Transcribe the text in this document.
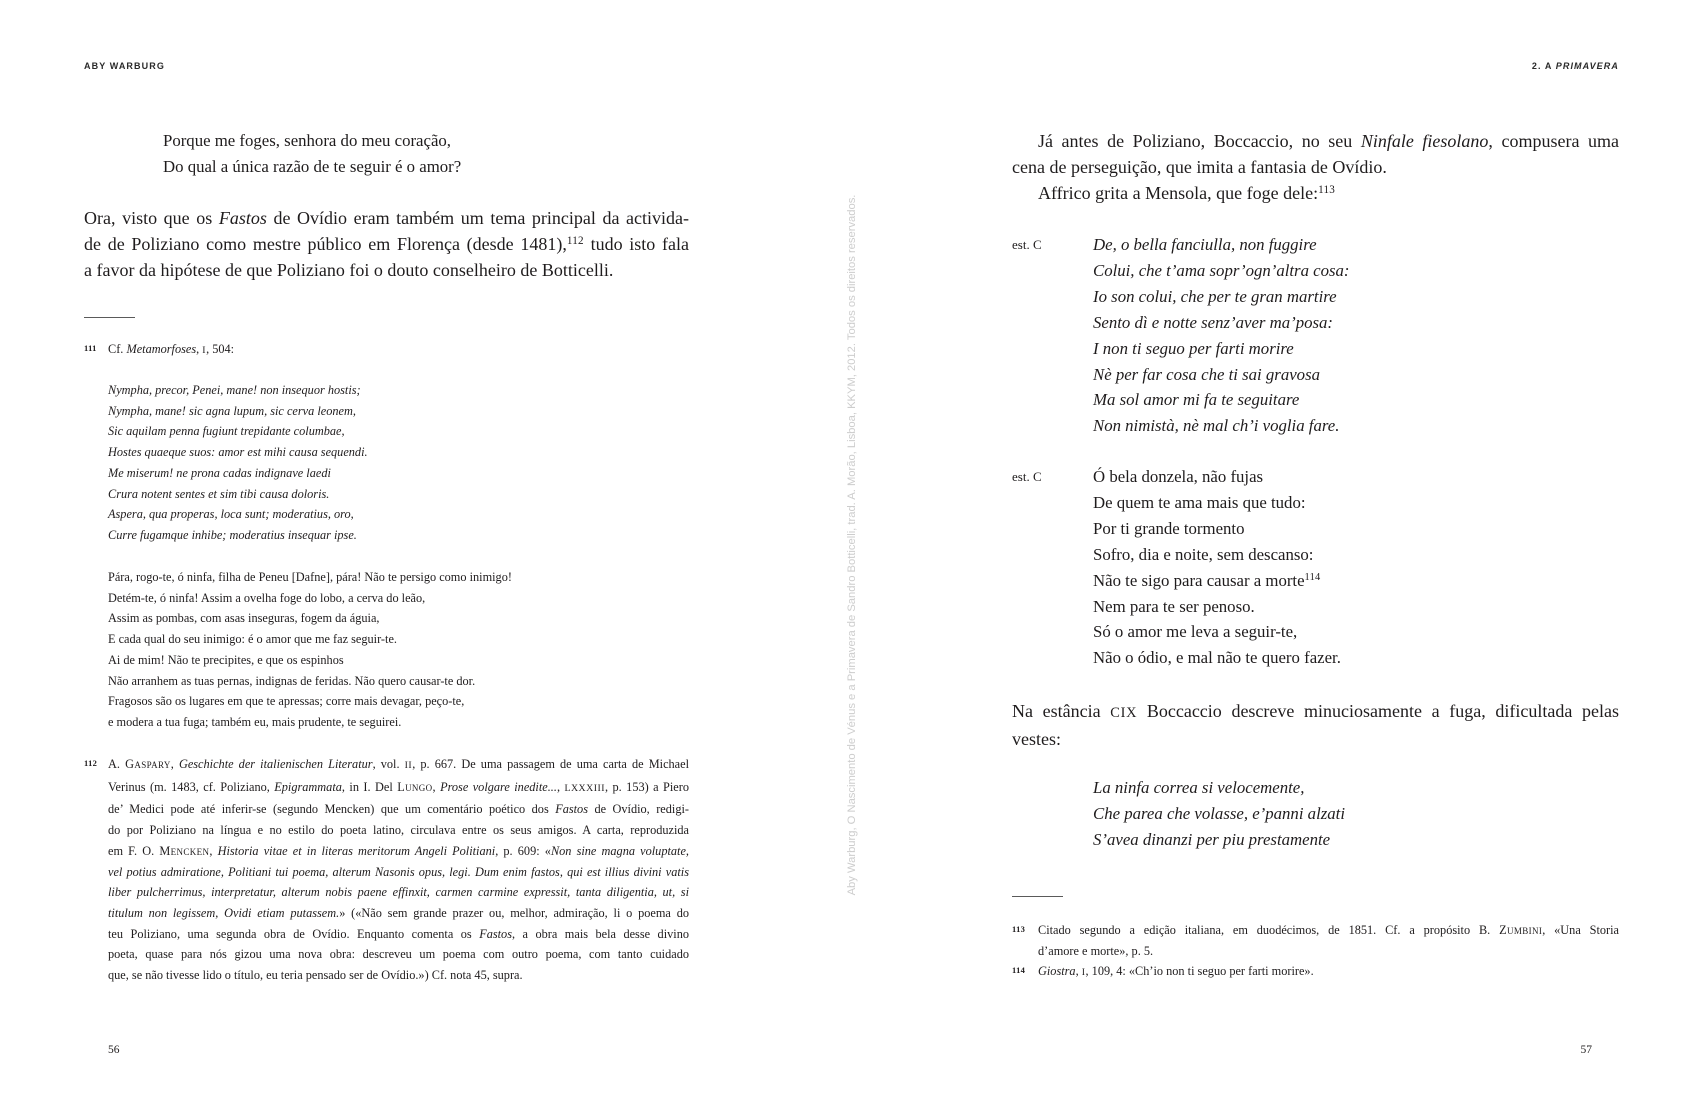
ABY WARBURG
Porque me foges, senhora do meu coração,
Do qual a única razão de te seguir é o amor?
Ora, visto que os Fastos de Ovídio eram também um tema principal da activida-
de de Poliziano como mestre público em Florença (desde 1481),$^{112}$ tudo isto fala
a favor da hipótese de que Poliziano foi o douto conselheiro de Botticelli.
111 Cf. Metamorfoses, I, 504:
Nympha, precor, Penei, mane! non insequor hostis;
Nympha, mane! sic agna lupum, sic cerva leonem,
Sic aquilam penna fugiunt trepidante columbae,
Hostes quaeque suos: amor est mihi causa sequendi.
Me miserum! ne prona cadas indignave laedi
Crura notent sentes et sim tibi causa doloris.
Aspera, qua properas, loca sunt; moderatius, oro,
Curre fugamque inhibe; moderatius insequar ipse.
Pára, rogo-te, ó ninfa, filha de Peneu [Dafne], pára! Não te persigo como inimigo!
Detém-te, ó ninfa! Assim a ovelha foge do lobo, a cerva do leão,
Assim as pombas, com asas inseguras, fogem da águia,
E cada qual do seu inimigo: é o amor que me faz seguir-te.
Ai de mim! Não te precipites, e que os espinhos
Não arranhem as tuas pernas, indignas de feridas. Não quero causar-te dor.
Fragosos são os lugares em que te apressas; corre mais devagar, peço-te,
e modera a tua fuga; também eu, mais prudente, te seguirei.
112 A. Gaspary, Geschichte der italienischen Literatur, vol. II, p. 667. De uma passagem de uma carta de Michael
Verinus (m. 1483, cf. Poliziano, Epigrammata, in I. Del Lungo, Prose volgare inedite..., LXXXIII, p. 153) a Piero
de’ Medici pode até inferir-se (segundo Mencken) que um comentário poético dos Fastos de Ovídio, redigi-
do por Poliziano na língua e no estilo do poeta latino, circulava entre os seus amigos. A carta, reproduzida
em F. O. Mencken, Historia vitae et in literas meritorum Angeli Politiani, p. 609: «Non sine magna voluptate,
vel potius admiratione, Politiani tui poema, alterum Nasonis opus, legi. Dum enim fastos, qui est illius divini vatis
liber pulcherrimus, interpretatur, alterum nobis paene effinxit, carmen carmine expressit, tanta diligentia, ut, si
titulum non legissem, Ovidi etiam putassem.» («Não sem grande prazer ou, melhor, admiração, li o poema do
teu Poliziano, uma segunda obra de Ovídio. Enquanto comenta os Fastos, a obra mais bela desse divino
poeta, quase para nós gizou uma nova obra: descreveu um poema com outro poema, com tanto cuidado
que, se não tivesse lido o título, eu teria pensado ser de Ovídio.») Cf. nota 45, supra.
56
Aby Warburg, O Nascimento de Vénus e a Primavera de Sandro Botticelli, trad. A. Morão, Lisboa, KKYM, 2012. Todos os direitos reservados.
2. A PRIMAVERA
Já antes de Poliziano, Boccaccio, no seu Ninfale fiesolano, compusera uma
cena de perseguição, que imita a fantasia de Ovídio.
Affrico grita a Mensola, que foge dele:$^{113}$
est. C	De, o bella fanciulla, non fuggire
Colui, che t’ama sopr’ogn’altra cosa:
Io son colui, che per te gran martire
Sento dì e notte senz’aver ma’posa:
I non ti seguo per farti morire
Nè per far cosa che ti sai gravosa
Ma sol amor mi fa te seguitare
Non nimistà, nè mal ch’i voglia fare.
est. C	Ó bela donzela, não fujas
De quem te ama mais que tudo:
Por ti grande tormento
Sofro, dia e noite, sem descanso:
Não te sigo para causar a morte$^{114}$
Nem para te ser penoso.
Só o amor me leva a seguir-te,
Não o ódio, e mal não te quero fazer.
Na estância CIX Boccaccio descreve minuciosamente a fuga, dificultada pelas
vestes:
La ninfa correa si velocemente,
Che parea che volasse, e’panni alzati
S’avea dinanzi per piu prestamente
113 Citado segundo a edição italiana, em duodécimos, de 1851. Cf. a propósito B. Zumbini, «Una Storia
d’amore e morte», p. 5.
114 Giostra, I, 109, 4: «Ch’io non ti seguo per farti morire».
57
